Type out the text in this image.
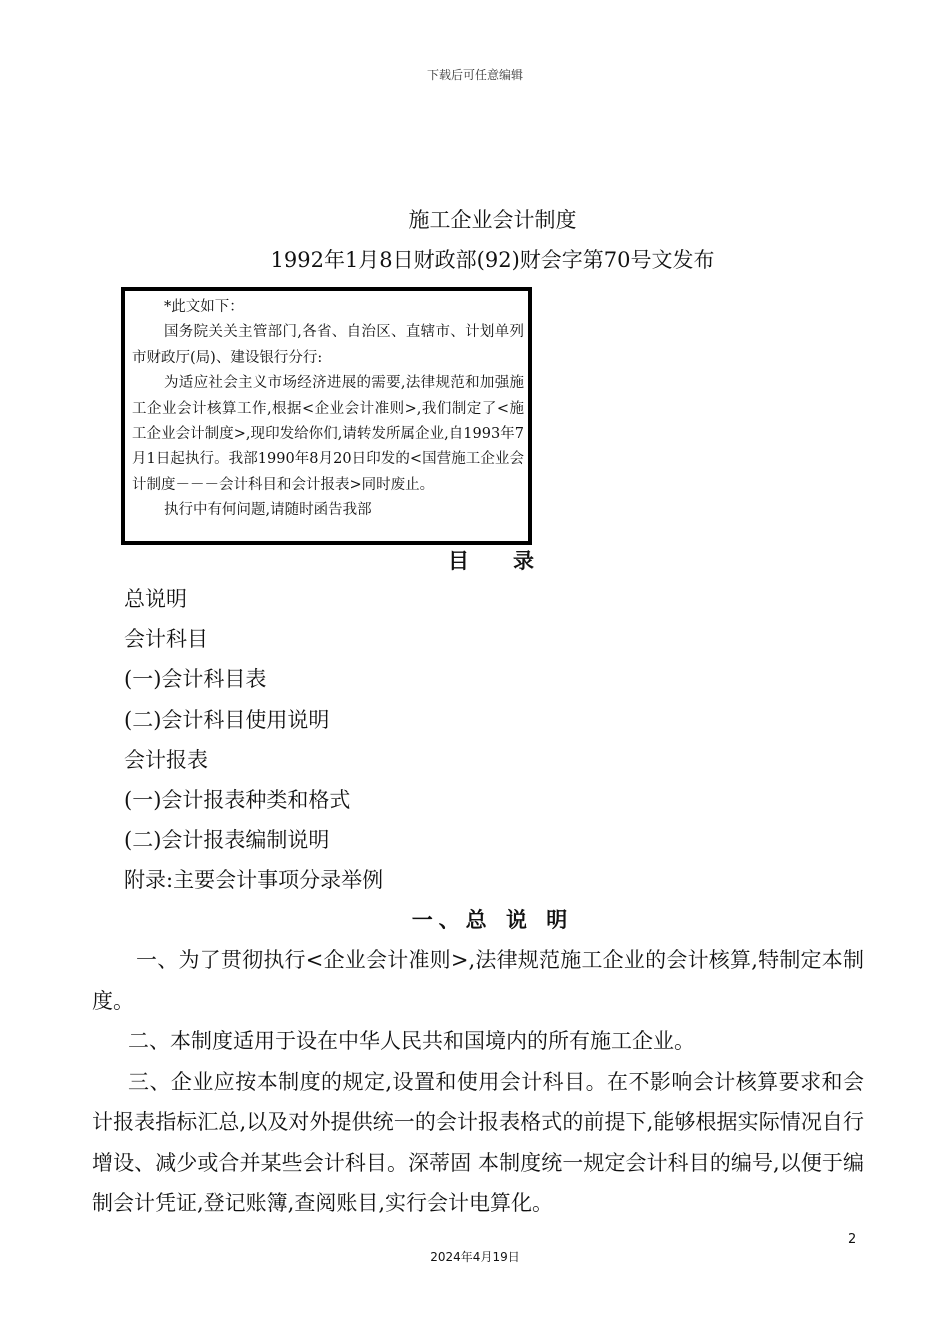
下载后可任意编辑
施工企业会计制度
1992年1月8日财政部(92)财会字第70号文发布

*此文如下：

国务院关关主管部门,各省、自治区、直辖市、计划单列市财政厅(局)、建设银行分行:

为适应社会主义市场经济进展的需要,法律规范和加强施工企业会计核算工作,根据<企业会计准则>,我们制定了<施工企业会计制度>,现印发给你们,请转发所属企业,自1993年7月1日起执行。我部1990年8月20日印发的<国营施工企业会计制度－－－会计科目和会计报表>同时废止。

执行中有何问题,请随时函告我部

目录
总说明
会计科目
(一)会计科目表
(二)会计科目使用说明
会计报表
(一)会计报表种类和格式
(二)会计报表编制说明
附录:主要会计事项分录举例
一、总 说 明

一、为了贯彻执行<企业会计准则>,法律规范施工企业的会计核算,特制定本制度。

二、本制度适用于设在中华人民共和国境内的所有施工企业。

三、企业应按本制度的规定,设置和使用会计科目。在不影响会计核算要求和会计报表指标汇总,以及对外提供统一的会计报表格式的前提下,能够根据实际情况自行增设、减少或合并某些会计科目。深蒂固 本制度统一规定会计科目的编号,以便于编制会计凭证,登记账簿,查阅账目,实行会计电算化。

2
2024年4月19日
